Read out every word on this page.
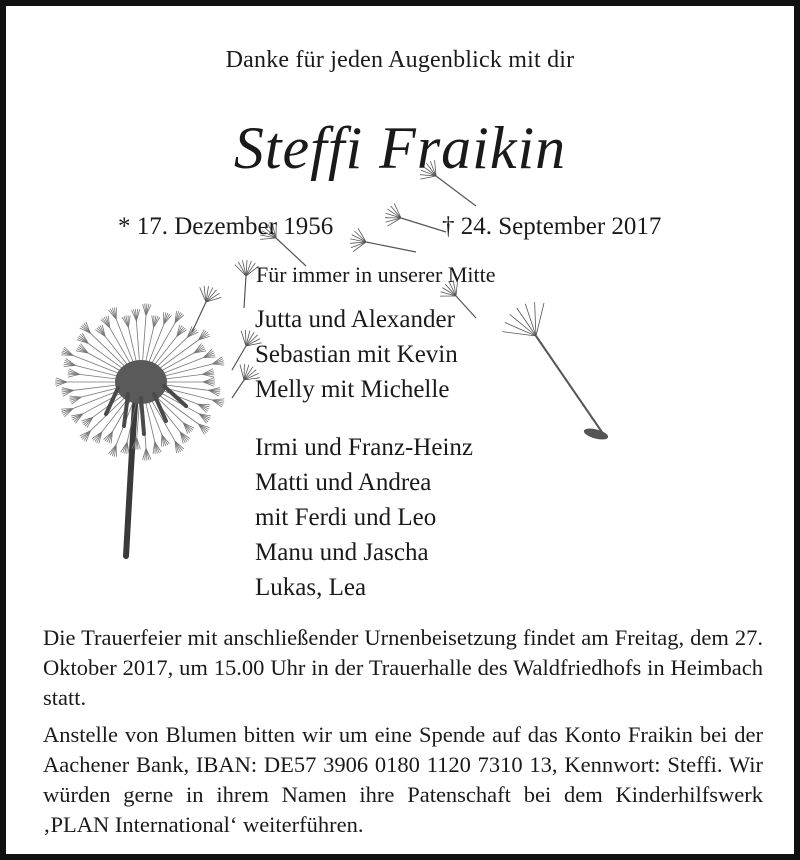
Danke für jeden Augenblick mit dir
Steffi Fraikin
* 17. Dezember 1956	† 24. September 2017
Für immer in unserer Mitte
Jutta und Alexander
Sebastian mit Kevin
Melly mit Michelle
Irmi und Franz-Heinz
Matti und Andrea
mit Ferdi und Leo
Manu und Jascha
Lukas, Lea
Die Trauerfeier mit anschließender Urnenbeisetzung findet am Freitag, dem 27. Oktober 2017, um 15.00 Uhr in der Trauerhalle des Waldfriedhofs in Heimbach statt.
Anstelle von Blumen bitten wir um eine Spende auf das Konto Fraikin bei der Aachener Bank, IBAN: DE57 3906 0180 1120 7310 13, Kennwort: Steffi. Wir würden gerne in ihrem Namen ihre Patenschaft bei dem Kinderhilfswerk ‚PLAN International‘ weiterführen.
